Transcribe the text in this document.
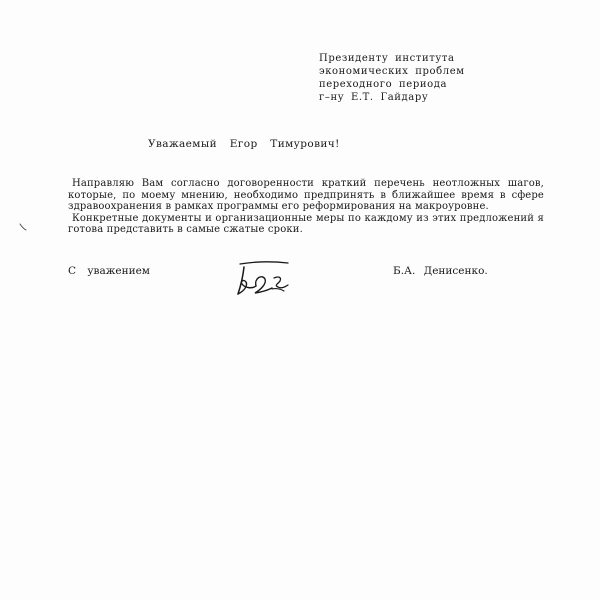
Президенту института
экономических проблем
переходного периода
г–ну Е.Т. Гайдару
Уважаемый Егор Тимурович!

Направляю Вам согласно договоренности краткий перечень неотложных шагов, которые, по моему мнению, необходимо предпринять в ближайшее время в сфере здравоохранения в рамках программы его реформирования на макроуровне.

Конкретные документы и организационные меры по каждому из этих предложений я готова представить в самые сжатые сроки.

С уважением	Б.А. Денисенко.
